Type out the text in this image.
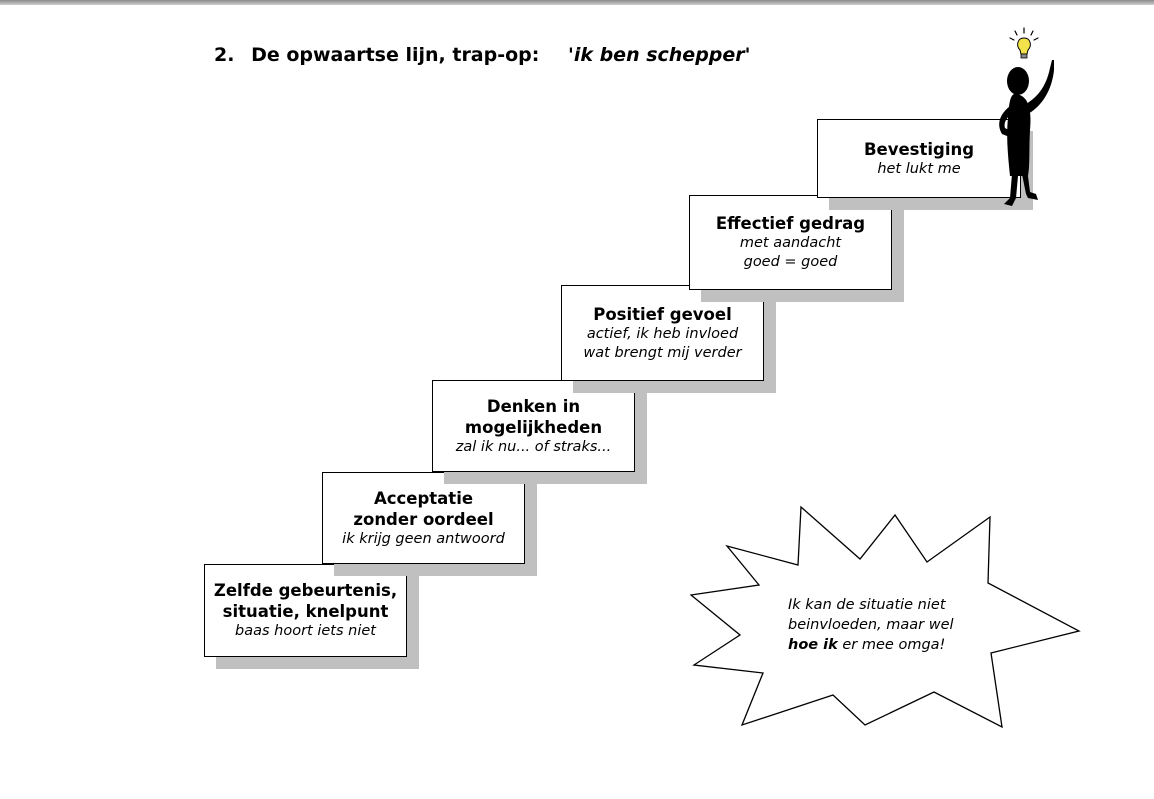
2. De opwaartse lijn, trap-op: 'ik ben schepper'
Zelfde gebeurtenis, situatie, knelpunt
baas hoort iets niet
Acceptatie zonder oordeel
ik krijg geen antwoord
Denken in mogelijkheden
zal ik nu... of straks...
Positief gevoel
actief, ik heb invloed
wat brengt mij verder
Effectief gedrag
met aandacht
goed = goed
Bevestiging
het lukt me
Ik kan de situatie niet beinvloeden, maar wel hoe ik er mee omga!
